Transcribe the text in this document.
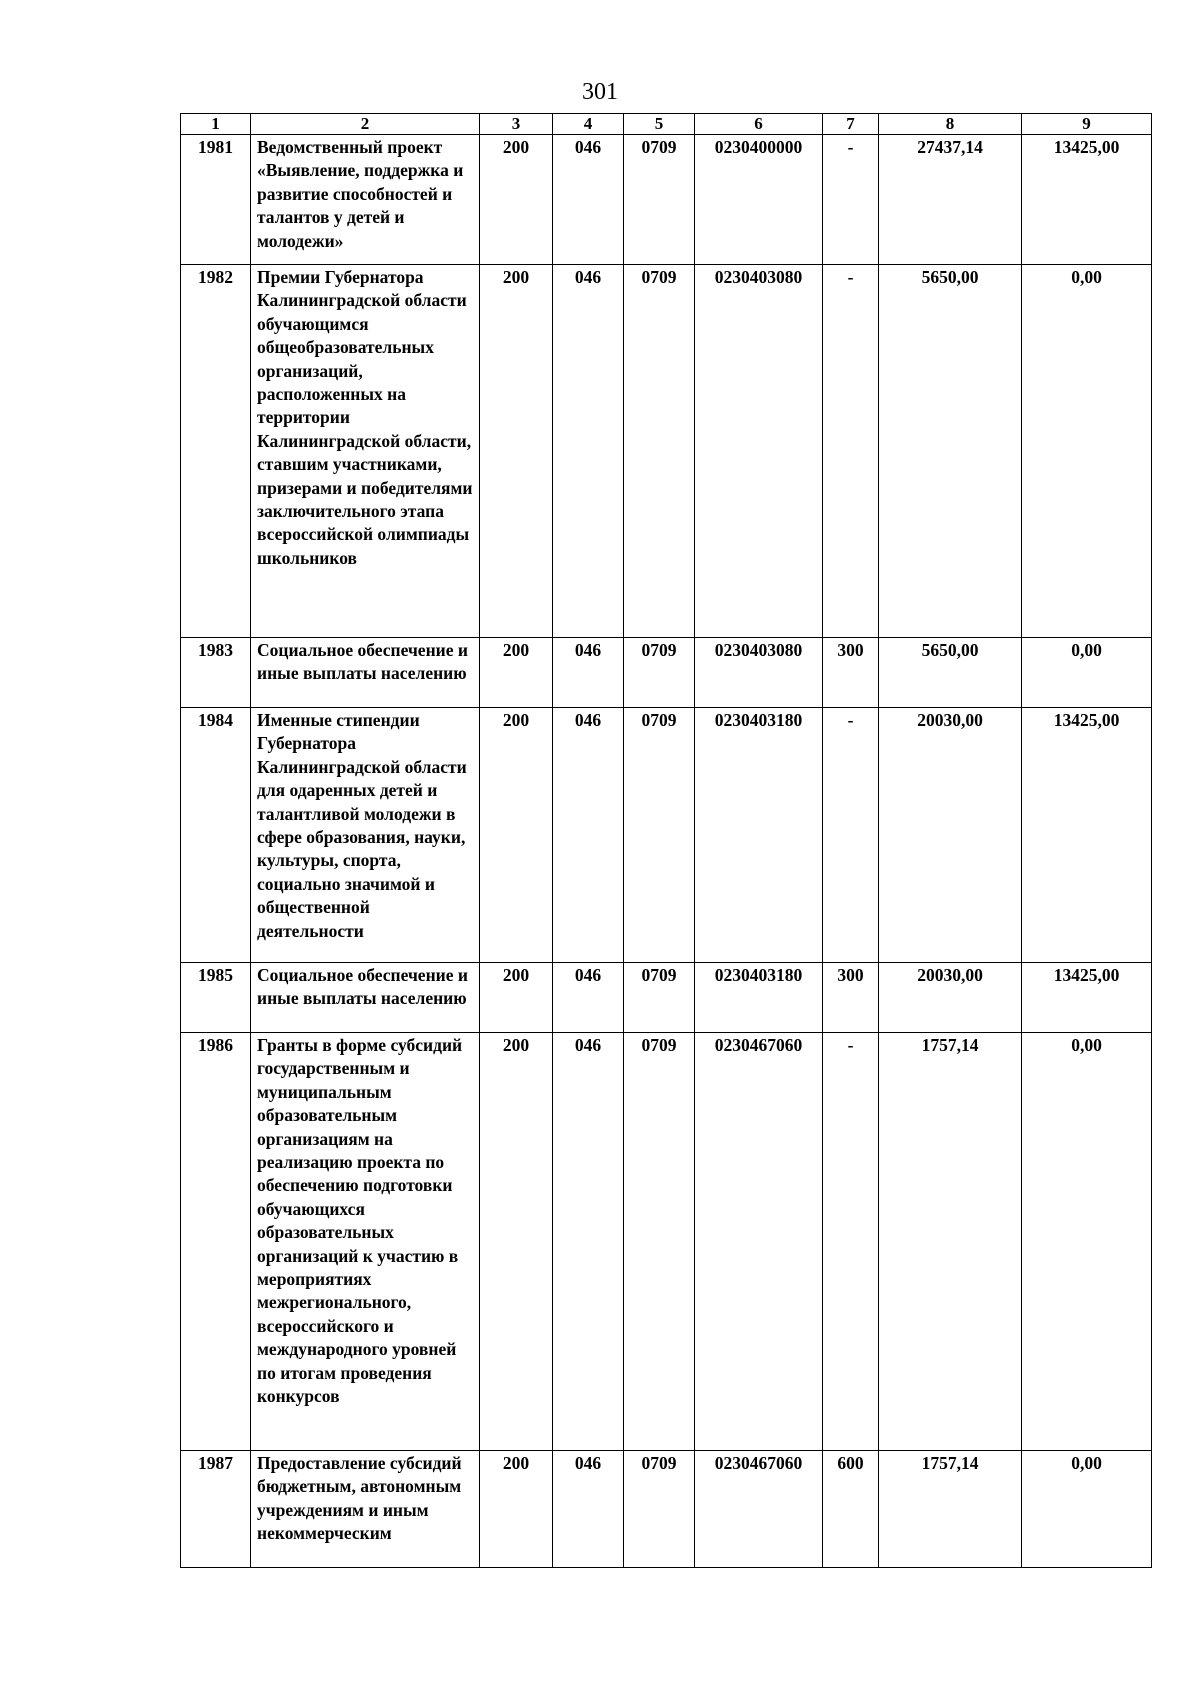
301
1	2	3	4	5	6	7	8	9
1981	Ведомственный проект «Выявление, поддержка и развитие способностей и талантов у детей и молодежи»	200	046	0709	0230400000	-	27437,14	13425,00
1982	Премии Губернатора Калининградской области обучающимся общеобразовательных организаций, расположенных на территории Калининградской области, ставшим участниками, призерами и победителями заключительного этапа всероссийской олимпиады школьников	200	046	0709	0230403080	-	5650,00	0,00
1983	Социальное обеспечение и иные выплаты населению	200	046	0709	0230403080	300	5650,00	0,00
1984	Именные стипендии Губернатора Калининградской области для одаренных детей и талантливой молодежи в сфере образования, науки, культуры, спорта, социально значимой и общественной деятельности	200	046	0709	0230403180	-	20030,00	13425,00
1985	Социальное обеспечение и иные выплаты населению	200	046	0709	0230403180	300	20030,00	13425,00
1986	Гранты в форме субсидий государственным и муниципальным образовательным организациям на реализацию проекта по обеспечению подготовки обучающихся образовательных организаций к участию в мероприятиях межрегионального, всероссийского и международного уровней по итогам проведения конкурсов	200	046	0709	0230467060	-	1757,14	0,00
1987	Предоставление субсидий бюджетным, автономным учреждениям и иным некоммерческим	200	046	0709	0230467060	600	1757,14	0,00
